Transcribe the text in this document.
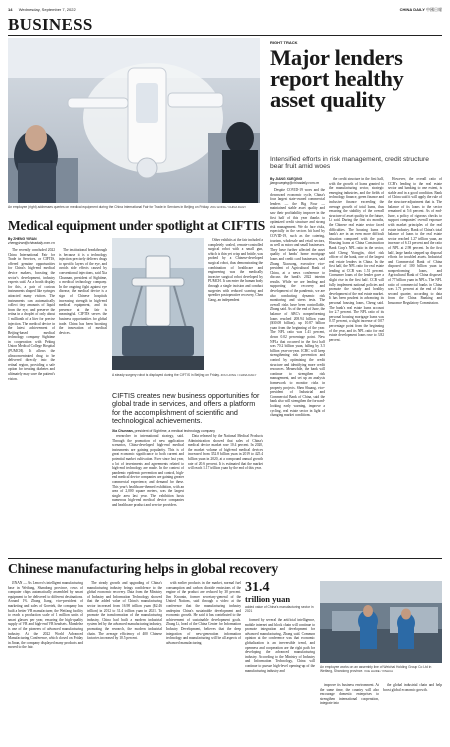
14 Wednesday, September 7, 2022	CHINA DAILY 中國日報
BUSINESS
An employee (right) addresses queries on medical equipment during the China International Fair for Trade in Services in Beijing on Friday. ZOU HONG / CHINA DAILY
RIGHT TRACK
Major lenders report healthy asset quality
Intensified efforts in risk management, credit structure bear fruit amid woes
By JIANG XUEQING
jiangxueqing@chinadaily.com.cn

Despite COVID-19 woes and the downward economic cycle, China's four largest state-owned commercial lenders — the Big Four — maintained stable asset quality and saw their profitability improve in the first half of this year thanks to optimized credit structure and strong risk management. We do face risks, especially in the sectors hit hard by COVID-19, such as the catering, tourism, wholesale and retail sectors, as well as micro and small businesses. They have further affected the asset quality of banks' home mortgage loans and credit card businesses, said Zhang Xiaosong, executive vice-president of Agricultural Bank of China, at a news conference to discuss the bank's 2022 interim results. While we are lending and supporting the recovery and development of the pandemic, we are also conducting dynamic risk monitoring and stress tests. The overall risks have been controllable, Zhang said. As of the end of June, the balance of ABC's nonperforming loans reached 208.94 billion yuan ($30.08 billion), up 10.87 billion yuan from the beginning of the year. The NPL ratio was 1.41 percent, down 0.02 percentage point. New NPLs that occurred in the first half was 70.2 billion yuan, falling by 3.5 billion year-on-year. ICBC will keep strengthening risk prevention and control by optimizing the credit structure and identifying more credit resources. Meanwhile, the bank will continue to strengthen risk management, and set up an analysis framework to monitor risks in property projects. Shen Shuang, vice-president of Industrial and Commercial Bank of China, said the bank also will strengthen the forward-looking early warning, improve a cycling, real estate sector in light of changing market conditions.

the credit structure in the first half, with the growth of loans granted to the manufacturing sector, strategic emerging industries, and the fields of technology finance, green finance and inclusive finance exceeding the average growth of total loans, thus ensuring the stability of the overall structure of asset quality in the future, Li said. During the first six months, the Chinese real estate sector faced difficulties. The housing loans of bank's are in an even more difficult situation compared with the past. Housing loans at China Construction Bank Corp's NPL ratio in the sector, said Cheng Yiongjin, chief risk officer of the bank, one of the largest real estate lenders in China. In the first half, the NPL ratio for real estate lending at CCB was 1.51 percent. Consumer loans of the lender gave a slight rise in the first half. CCB will fully implement national policies and promote the steady and healthy development of the real estate market. It has been prudent in advancing its personal housing loans, Cheng said. The bank's real estate loans account for 2.7 percent. The NPL ratio of its personal housing mortgage loans was 0.37 percent, a slight increase of 0.07 percentage point from the beginning of the year, and its NPL ratio for real estate development loans rose to 3.82 percent.

However, the overall ratio of CCB's lending to the real estate sector and banking to one extent, is stable and in a good condition. Bank of China said it will apply the rule of the structure-adjustment that is. The balance of its loans to the sector remained at 5.6 percent. As of end-June, a policy of rigorous checks to support companies' overall exposure with market principles of the real estate industry. Bank of China's total balance of loans to the real estate sector reached 1.27 trillion yuan, an increase of 6.13 percent and the ratio of NPL at 2.98 percent. In the first half, large banks stepped up disposal efforts for troubled assets. Industrial and Commercial Bank of China disposed of 100 billion yuan in nonperforming loans, and Agricultural Bank of China disposed of 77 billion yuan in NPLs. The NPL ratio of commercial banks in China was 1.71 percent at the end of the second quarter, according to data from the China Banking and Insurance Regulatory Commission.

Medical equipment under spotlight at CIFTIS
By ZHENG YIRAN
zhengyiran@chinadaily.com.cn

The recently concluded 2022 China International Fair for Trade in Services, or CIFTIS, offered genuine opportunities for China's high-end medical device makers, boosting the sector's development, industry experts said. As a booth display for this, a pair of curious instruments shaped like syringes attracted many visitors. The instruments can automatically collect tiny amounts of liquid from the eye, and preserve the retina in a droplet of only about 1 millionth of a liter for precise injection. The medical device in the latest achievement of Beijing-based medical technology company Sightime in cooperation with Peking Union Medical College Hospital (PUMCH). It allows the ultraconcentrated drug to be delivered directly into the retinal region, providing a safe option for treating diabetes and ultimately may save the patient's vision.

The institutional breakthrough is because it is a technology injection precisely delivers drugs to specific layers of the eye, and avoids side effects caused by conventional injections, said Xia Chunnan, president of Sightime, a medical technology company. In the ongoing fight against eye disease, the medical device is a sign of Chinese hospitals increasing strength in high-end medical equipment, and its presence at the fair is meaningful. CIFTIS serves the business opportunities for global trade. China has been boosting the innovation of medical devices.

Other exhibits at the fair included a completely sealed, remote-controlled surgical robot with a small gun, which is thin yet crisp and brittle, was probed by a Chinese-developed surgical robot, thus demonstrating the combination of healthcare and engineering was the medically invasive surgical robot developed by PUMCH. It can enter the human body through a single incision and conduct surgeries with reduced scarring and speedier postoperative recovery, Chen Gang, an independent

A steady surgery robot is displayed during the CIFTIS in Beijing on Friday. ZOU HONG / CHINA DAILY
CIFTIS creates new business opportunities for global trade in services, and offers a platform for the accomplishment of scientific and technological achievements.
Xia Chunnan, president of Sightime, a medical technology company

researcher in international strategy, said. Through the promotion of new application scenarios, China-developed high-end medical instruments are gaining popularity. This is of great economic significance to both current and potential market cultivation. Ever since last year, a lot of investments and agreements related to high-end technology are made. In the context of pandemic epidemic prevention and control, high-end medical device companies are gaining greater commercial experience, and demand for these. This year's healthcare-themed exhibition, with an area of 2,000 square meters, was the largest single area last year. The exhibition hosts numerous high-end medical device companies and healthcare product and service providers.

Data released by the National Medical Products Administration showed that sales of China's medical device market rose 10.4 percent. In 2020, the market volume of high-end medical devices increased from 352.8 billion yuan in 2019 to 425.4 billion yuan in 2020, at a compound annual growth rate of 20.6 percent. It is estimated that the market will reach 1.17 trillion yuan by the end of this year.

Chinese manufacturing helps in global recovery

JINAN — As Lenovo's intelligent manufacturing base in Weifang, Shandong province, rows of computer chips automatically assembled by smart equipment to be delivered to different destinations. Around 1% Zhang Jiang, vice-president of marketing and sales of Goertek, the company has built a better VR manufacturer, the Weifang facility to reach a production scale of 1 million units of smart glasses per year, ensuring the high-quality supply of VR and high-end VR headsets. Mondelez is one of the pioneers of advanced manufacturing industry. At the 2022 World Advanced Manufacturing Conference, which closed on Friday in Jinan, the company displayed many products and moved to the fair.

The steady growth and upgrading of China's manufacturing industry brings confidence to the global economic recovery. Data from the Ministry of Industry and Information Technology showed that the added value of China's manufacturing sector increased from 16.98 trillion yuan ($2.46 trillion) in 2012 to 31.4 trillion yuan in 2021. To promote the transformation of the manufacturing industry, China had built a modern industrial system led by the advanced manufacturing industry, promoting the research, the modern industrial chain. The average efficiency of 400 Chinese factories increased by 10.5 percent.

with earlier products in the market, normal fuel consumption and carbon dioxide emissions of the engine of the product are reduced by 30 percent. Jim Kroonin, former secretary-general of the United Nations, said through a video at the conference that the manufacturing industry underpins China's sustainable development and economic growth. He said it has contributed to the achievement of sustainable development goals. Zhang Li, head of the China Center for Information Industry Development, believes that the deep integration of new-generation information technology and manufacturing will be all aspects of advanced manufacturing.

31.4
trillion yuan
added value of China's manufacturing sector in 2021

formed by several the artificial intelligence, mobile internet and block chain will continue to promote integration and development for advanced manufacturing, Zhang said. Common opinion at the conference was that economic globalization is an irreversible trend, and openness and cooperation are the right path for developing the advanced manufacturing industry. According to the Ministry of Industry and Information Technology, China will continue to pursue high-level opening-up of the manufacturing industry and

An employee works on an assembly line of Weichai Holding Group Co Ltd in Weifang, Shandong province. XUE HAIDE / XINHUA

improve its business environment. At the same time, the country will also encourage domestic enterprises to strengthen international cooperation, integrate into

the global industrial chain and help boost global economic growth.
